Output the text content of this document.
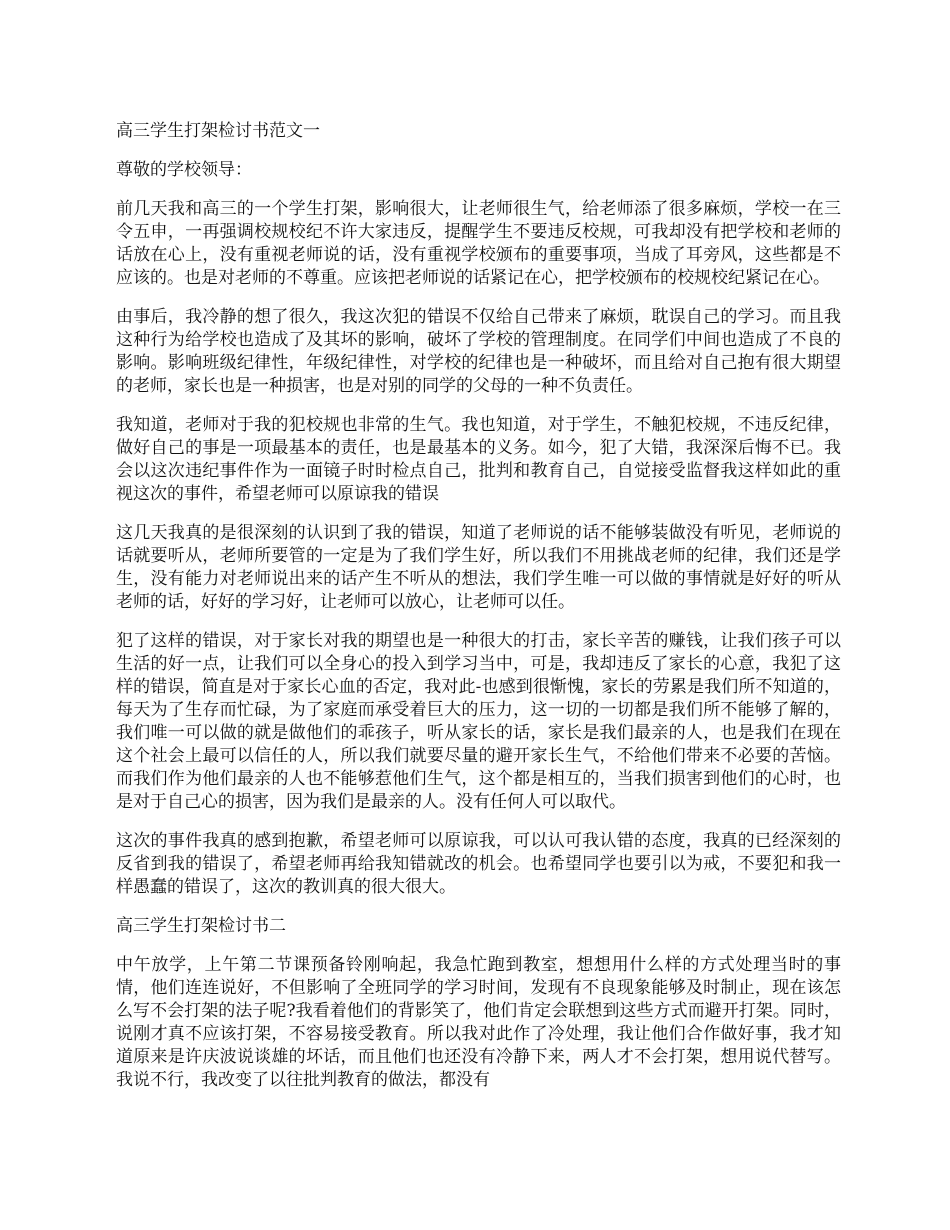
高三学生打架检讨书范文一

尊敬的学校领导：

前几天我和高三的一个学生打架，影响很大，让老师很生气，给老师添了很多麻烦，学校一在三令五申，一再强调校规校纪不许大家违反，提醒学生不要违反校规，可我却没有把学校和老师的话放在心上，没有重视老师说的话，没有重视学校颁布的重要事项，当成了耳旁风，这些都是不应该的。也是对老师的不尊重。应该把老师说的话紧记在心，把学校颁布的校规校纪紧记在心。

由事后，我冷静的想了很久，我这次犯的错误不仅给自己带来了麻烦，耽误自己的学习。而且我这种行为给学校也造成了及其坏的影响，破坏了学校的管理制度。在同学们中间也造成了不良的影响。影响班级纪律性，年级纪律性，对学校的纪律也是一种破坏，而且给对自己抱有很大期望的老师，家长也是一种损害，也是对别的同学的父母的一种不负责任。

我知道，老师对于我的犯校规也非常的生气。我也知道，对于学生，不触犯校规，不违反纪律，做好自己的事是一项最基本的责任，也是最基本的义务。如今，犯了大错，我深深后悔不已。我会以这次违纪事件作为一面镜子时时检点自己，批判和教育自己，自觉接受监督我这样如此的重视这次的事件，希望老师可以原谅我的错误

这几天我真的是很深刻的认识到了我的错误，知道了老师说的话不能够装做没有听见，老师说的话就要听从，老师所要管的一定是为了我们学生好，所以我们不用挑战老师的纪律，我们还是学生，没有能力对老师说出来的话产生不听从的想法，我们学生唯一可以做的事情就是好好的听从老师的话，好好的学习好，让老师可以放心，让老师可以任。

犯了这样的错误，对于家长对我的期望也是一种很大的打击，家长辛苦的赚钱，让我们孩子可以生活的好一点，让我们可以全身心的投入到学习当中，可是，我却违反了家长的心意，我犯了这样的错误，简直是对于家长心血的否定，我对此-也感到很惭愧，家长的劳累是我们所不知道的，每天为了生存而忙碌，为了家庭而承受着巨大的压力，这一切的一切都是我们所不能够了解的，我们唯一可以做的就是做他们的乖孩子，听从家长的话，家长是我们最亲的人，也是我们在现在这个社会上最可以信任的人，所以我们就要尽量的避开家长生气，不给他们带来不必要的苦恼。而我们作为他们最亲的人也不能够惹他们生气，这个都是相互的，当我们损害到他们的心时，也是对于自己心的损害，因为我们是最亲的人。没有任何人可以取代。

这次的事件我真的感到抱歉，希望老师可以原谅我，可以认可我认错的态度，我真的已经深刻的反省到我的错误了，希望老师再给我知错就改的机会。也希望同学也要引以为戒，不要犯和我一样愚蠢的错误了，这次的教训真的很大很大。

高三学生打架检讨书二

中午放学，上午第二节课预备铃刚响起，我急忙跑到教室，想想用什么样的方式处理当时的事情，他们连连说好，不但影响了全班同学的学习时间，发现有不良现象能够及时制止，现在该怎么写不会打架的法子呢?我看着他们的背影笑了，他们肯定会联想到这些方式而避开打架。同时，说刚才真不应该打架，不容易接受教育。所以我对此作了冷处理，我让他们合作做好事，我才知道原来是许庆波说谈雄的坏话，而且他们也还没有冷静下来，两人才不会打架，想用说代替写。我说不行，我改变了以往批判教育的做法，都没有
